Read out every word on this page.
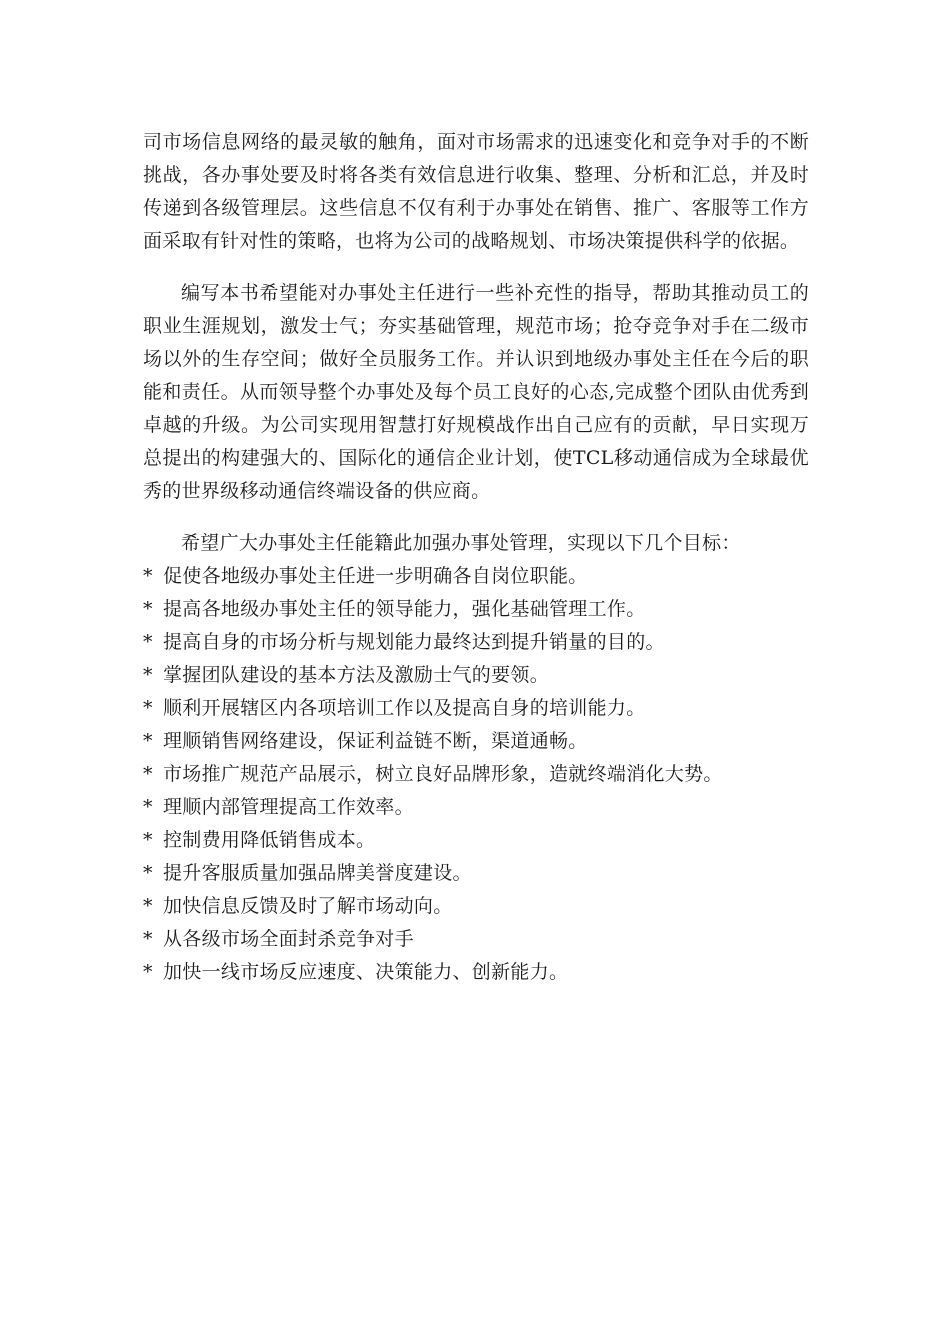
司市场信息网络的最灵敏的触角，面对市场需求的迅速变化和竞争对手的不断挑战，各办事处要及时将各类有效信息进行收集、整理、分析和汇总，并及时传递到各级管理层。这些信息不仅有利于办事处在销售、推广、客服等工作方面采取有针对性的策略，也将为公司的战略规划、市场决策提供科学的依据。

编写本书希望能对办事处主任进行一些补充性的指导，帮助其推动员工的职业生涯规划，激发士气；夯实基础管理，规范市场；抢夺竞争对手在二级市场以外的生存空间；做好全员服务工作。并认识到地级办事处主任在今后的职能和责任。从而领导整个办事处及每个员工良好的心态,完成整个团队由优秀到卓越的升级。为公司实现用智慧打好规模战作出自己应有的贡献，早日实现万总提出的构建强大的、国际化的通信企业计划，使TCL移动通信成为全球最优秀的世界级移动通信终端设备的供应商。

希望广大办事处主任能籍此加强办事处管理，实现以下几个目标：

* 促使各地级办事处主任进一步明确各自岗位职能。
* 提高各地级办事处主任的领导能力，强化基础管理工作。
* 提高自身的市场分析与规划能力最终达到提升销量的目的。
* 掌握团队建设的基本方法及激励士气的要领。
* 顺利开展辖区内各项培训工作以及提高自身的培训能力。
* 理顺销售网络建设，保证利益链不断，渠道通畅。
* 市场推广规范产品展示，树立良好品牌形象，造就终端消化大势。
* 理顺内部管理提高工作效率。
* 控制费用降低销售成本。
* 提升客服质量加强品牌美誉度建设。
* 加快信息反馈及时了解市场动向。
* 从各级市场全面封杀竞争对手
* 加快一线市场反应速度、决策能力、创新能力。
